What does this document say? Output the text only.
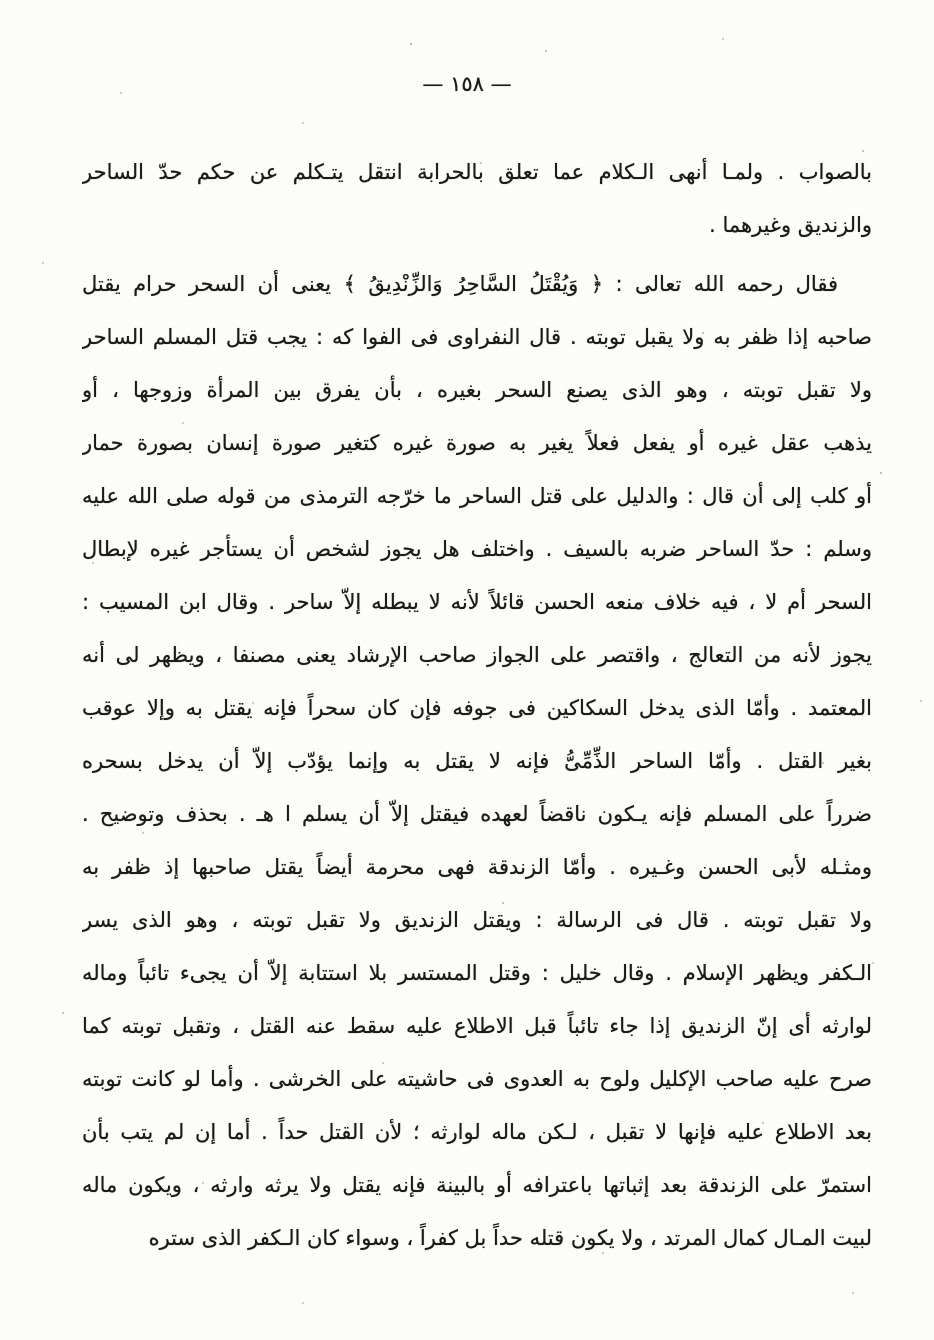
— ١٥٨ —
بالصواب . ولمـا أنهى الـكلام عما تعلق بالحرابة انتقل يتـكلم عن حكم حدّ الساحر
والزنديق وغيرهما .
فقال رحمه الله تعالى : ﴿ وَيُقْتَلُ السَّاحِرُ وَالزِّنْدِيقُ ﴾ يعنى أن السحر حرام يقتل
صاحبه إذا ظفر به ولا يقبل توبته . قال النفراوى فى الفوا كه : يجب قتل المسلم الساحر
ولا تقبل توبته ، وهو الذى يصنع السحر بغيره ، بأن يفرق بين المرأة وزوجها ، أو
يذهب عقل غيره أو يفعل فعلاً يغير به صورة غيره كتغير صورة إنسان بصورة حمار
أو كلب إلى أن قال : والدليل على قتل الساحر ما خرّجه الترمذى من قوله صلى الله عليه
وسلم : حدّ الساحر ضربه بالسيف . واختلف هل يجوز لشخص أن يستأجر غيره لإبطال
السحر أم لا ، فيه خلاف منعه الحسن قائلاً لأنه لا يبطله إلاّ ساحر . وقال ابن المسيب :
يجوز لأنه من التعالج ، واقتصر على الجواز صاحب الإرشاد يعنى مصنفا ، ويظهر لى أنه
المعتمد . وأمّا الذى يدخل السكاكين فى جوفه فإن كان سحراً فإنه يقتل به وإلا عوقب
بغير القتل . وأمّا الساحر الذِّمِّىُّ فإنه لا يقتل به وإنما يؤدّب إلاّ أن يدخل بسحره
ضرراً على المسلم فإنه يـكون ناقضاً لعهده فيقتل إلاّ أن يسلم ا هـ . بحذف وتوضيح .
ومثـله لأبى الحسن وغـيره . وأمّا الزندقة فهى محرمة أيضاً يقتل صاحبها إذ ظفر به
ولا تقبل توبته . قال فى الرسالة : ويقتل الزنديق ولا تقبل توبته ، وهو الذى يسر
الـكفر ويظهر الإسلام . وقال خليل : وقتل المستسر بلا استتابة إلاّ أن يجىء تائباً وماله
لوارثه أى إنّ الزنديق إذا جاء تائباً قبل الاطلاع عليه سقط عنه القتل ، وتقبل توبته كما
صرح عليه صاحب الإكليل ولوح به العدوى فى حاشيته على الخرشى . وأما لو كانت توبته
بعد الاطلاع عليه فإنها لا تقبل ، لـكن ماله لوارثه ؛ لأن القتل حداً . أما إن لم يتب بأن
استمرّ على الزندقة بعد إثباتها باعترافه أو بالبينة فإنه يقتل ولا يرثه وارثه ، ويكون ماله
لبيت المـال كمال المرتد ، ولا يكون قتله حداً بل كفراً ، وسواء كان الـكفر الذى ستره
